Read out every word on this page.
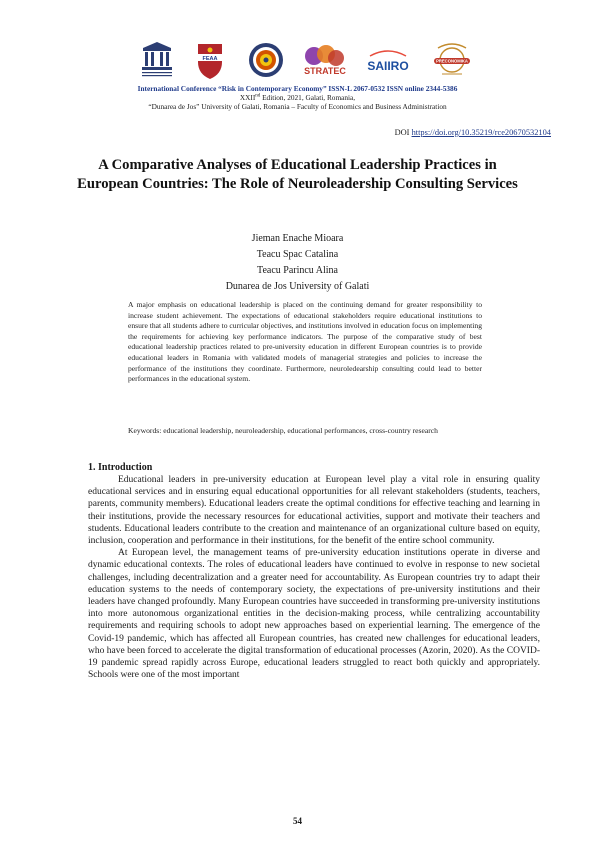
FEAA
STRATEC SAIIRO	PRECONOMIKA
International Conference “Risk in Contemporary Economy” ISSN-L 2067-0532 ISSN online 2344-5386
XXIInd Edition, 2021, Galati, Romania,
“Dunarea de Jos” University of Galati, Romania – Faculty of Economics and Business Administration
DOI https://doi.org/10.35219/rce20670532104
A Comparative Analyses of Educational Leadership Practices in European Countries: The Role of Neuroleadership Consulting Services
Jieman Enache Mioara
Teacu Spac Catalina
Teacu Parincu Alina
Dunarea de Jos University of Galati
A major emphasis on educational leadership is placed on the continuing demand for greater responsibility to increase student achievement. The expectations of educational stakeholders require educational institutions to ensure that all students adhere to curricular objectives, and institutions involved in education focus on implementing the requirements for achieving key performance indicators. The purpose of the comparative study of best educational leadership practices related to pre-university education in different European countries is to provide educational leaders in Romania with validated models of managerial strategies and policies to increase the performance of the institutions they coordinate. Furthermore, neuroledearship consulting could lead to better performances in the educational system.
Keywords: educational leadership, neuroleadership, educational performances, cross-country research
1. Introduction

Educational leaders in pre-university education at European level play a vital role in ensuring quality educational services and in ensuring equal educational opportunities for all relevant stakeholders (students, teachers, parents, community members). Educational leaders create the optimal conditions for effective teaching and learning in their institutions, provide the necessary resources for educational activities, support and motivate their teachers and students. Educational leaders contribute to the creation and maintenance of an organizational culture based on equity, inclusion, cooperation and performance in their institutions, for the benefit of the entire school community.

At European level, the management teams of pre-university education institutions operate in diverse and dynamic educational contexts. The roles of educational leaders have continued to evolve in response to new societal challenges, including decentralization and a greater need for accountability. As European countries try to adapt their education systems to the needs of contemporary society, the expectations of pre-university institutions and their leaders have changed profoundly. Many European countries have succeeded in transforming pre-university institutions into more autonomous organizational entities in the decision-making process, while centralizing accountability requirements and requiring schools to adopt new approaches based on experiential learning. The emergence of the Covid-19 pandemic, which has affected all European countries, has created new challenges for educational leaders, who have been forced to accelerate the digital transformation of educational processes (Azorin, 2020). As the COVID-19 pandemic spread rapidly across Europe, educational leaders struggled to react both quickly and appropriately. Schools were one of the most important

54
